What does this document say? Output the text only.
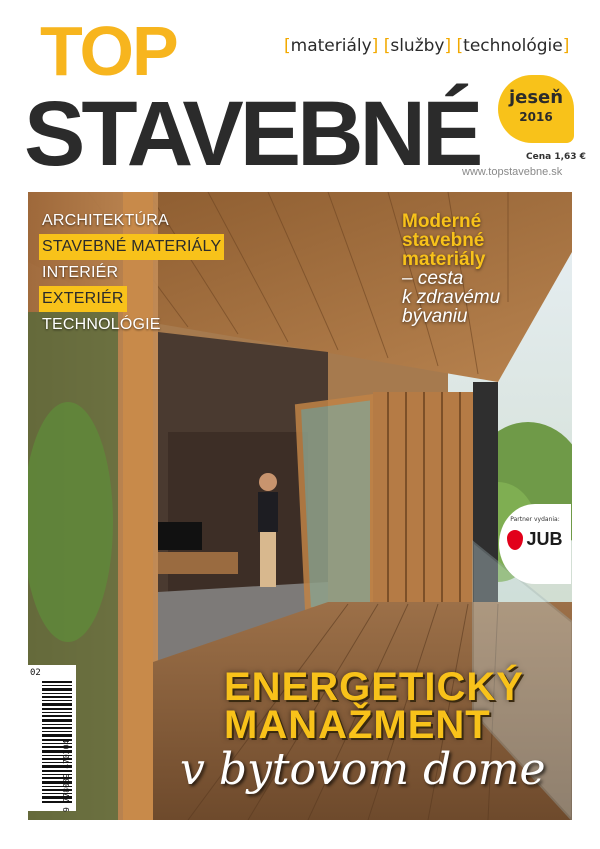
TOP
STAVEBNÉ
[materiály] [služby] [technológie]
jeseň
2016
Cena 1,63 €
www.topstavebne.sk
ARCHITEKTÚRA
STAVEBNÉ MATERIÁLY
INTERIÉR
EXTERIÉR
TECHNOLÓGIE
Moderné
stavebné
materiály
– cesta
k zdravému
bývaniu
Partner vydania:
JUB
ENERGETICKÝ
MANAŽMENT
v bytovom dome
02
9 778089 470204
